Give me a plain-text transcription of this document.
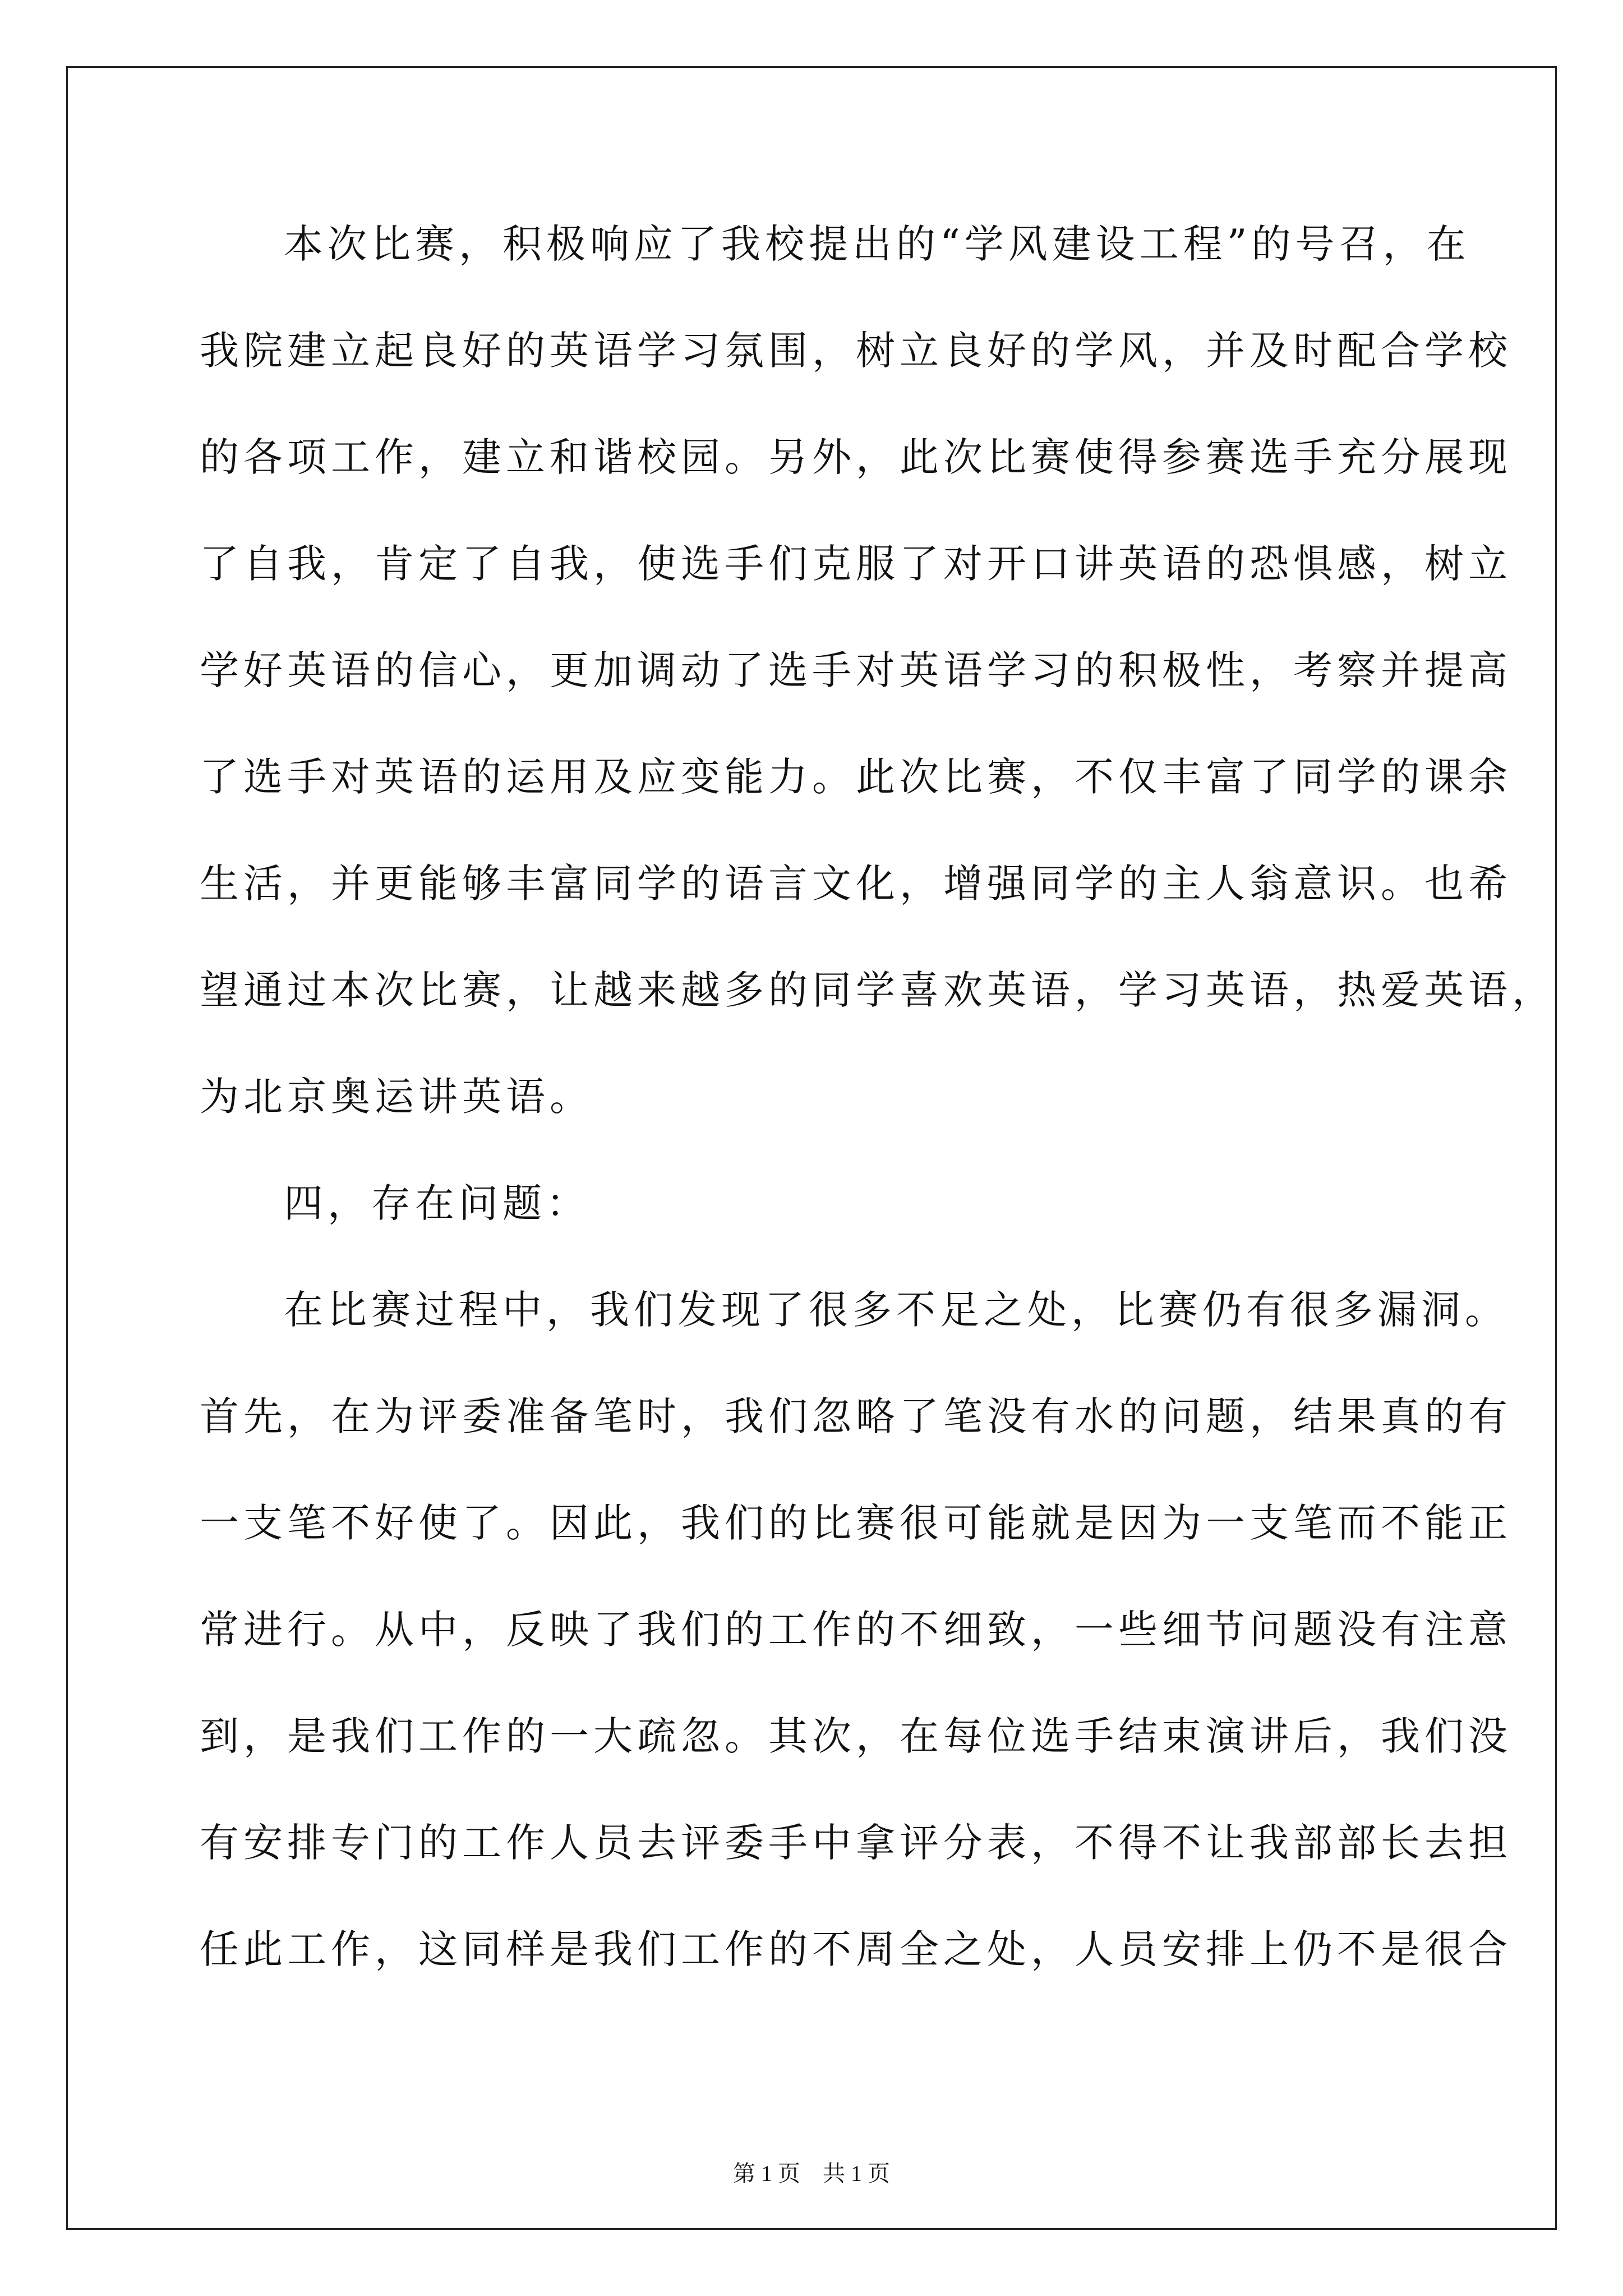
本次比赛，积极响应了我校提出的“学风建设工程”的号召，在
我院建立起良好的英语学习氛围，树立良好的学风，并及时配合学校
的各项工作，建立和谐校园。另外，此次比赛使得参赛选手充分展现
了自我，肯定了自我，使选手们克服了对开口讲英语的恐惧感，树立
学好英语的信心，更加调动了选手对英语学习的积极性，考察并提高
了选手对英语的运用及应变能力。此次比赛，不仅丰富了同学的课余
生活，并更能够丰富同学的语言文化，增强同学的主人翁意识。也希
望通过本次比赛，让越来越多的同学喜欢英语，学习英语，热爱英语，
为北京奥运讲英语。
四，存在问题：
在比赛过程中，我们发现了很多不足之处，比赛仍有很多漏洞。
首先，在为评委准备笔时，我们忽略了笔没有水的问题，结果真的有
一支笔不好使了。因此，我们的比赛很可能就是因为一支笔而不能正
常进行。从中，反映了我们的工作的不细致，一些细节问题没有注意
到，是我们工作的一大疏忽。其次，在每位选手结束演讲后，我们没
有安排专门的工作人员去评委手中拿评分表，不得不让我部部长去担
任此工作，这同样是我们工作的不周全之处，人员安排上仍不是很合
第 1 页　共 1 页
